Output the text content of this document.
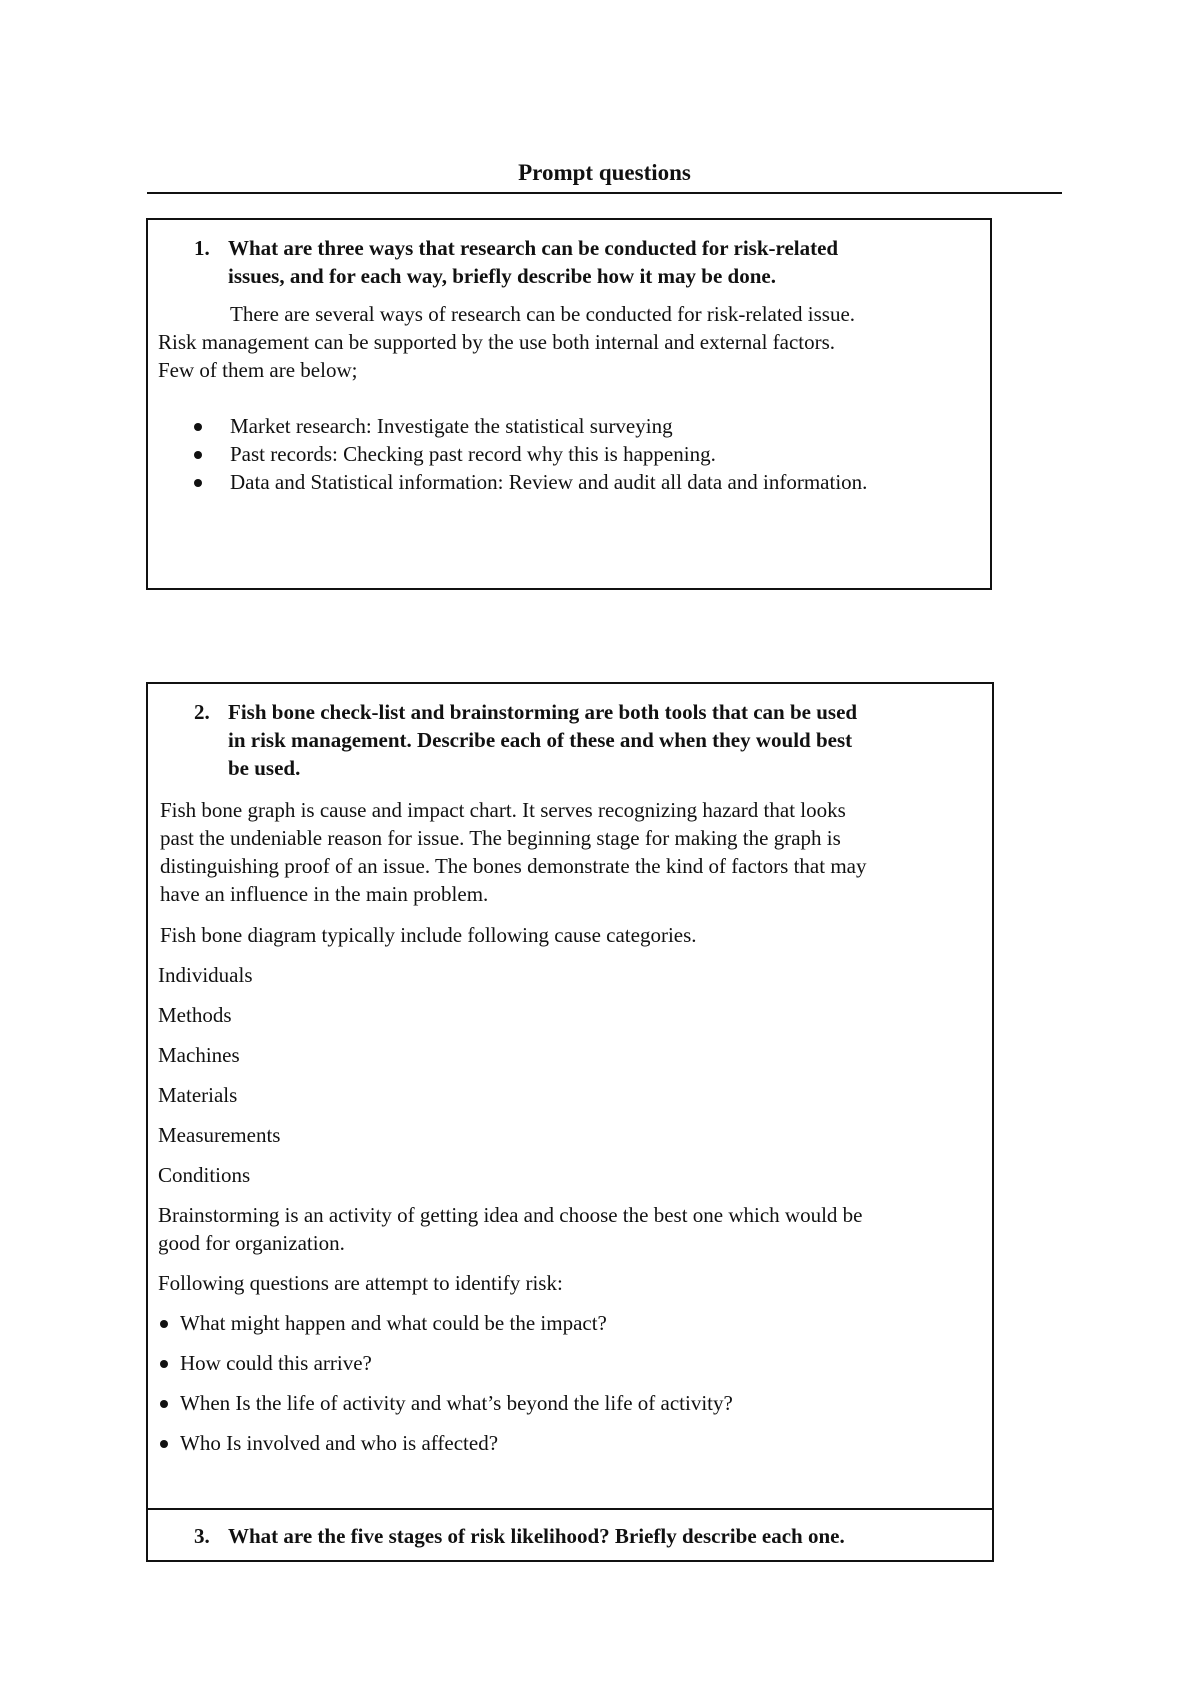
Prompt questions
1. What are three ways that research can be conducted for risk-related
issues, and for each way, briefly describe how it may be done.
There are several ways of research can be conducted for risk-related issue.
Risk management can be supported by the use both internal and external factors.
Few of them are below;
Market research: Investigate the statistical surveying
Past records: Checking past record why this is happening.
Data and Statistical information: Review and audit all data and information.
2. Fish bone check-list and brainstorming are both tools that can be used
in risk management. Describe each of these and when they would best
be used.
Fish bone graph is cause and impact chart. It serves recognizing hazard that looks
past the undeniable reason for issue. The beginning stage for making the graph is
distinguishing proof of an issue. The bones demonstrate the kind of factors that may
have an influence in the main problem.
Fish bone diagram typically include following cause categories.
Individuals
Methods
Machines
Materials
Measurements
Conditions
Brainstorming is an activity of getting idea and choose the best one which would be
good for organization.
Following questions are attempt to identify risk:
What might happen and what could be the impact?
How could this arrive?
When Is the life of activity and what’s beyond the life of activity?
Who Is involved and who is affected?
3. What are the five stages of risk likelihood? Briefly describe each one.
